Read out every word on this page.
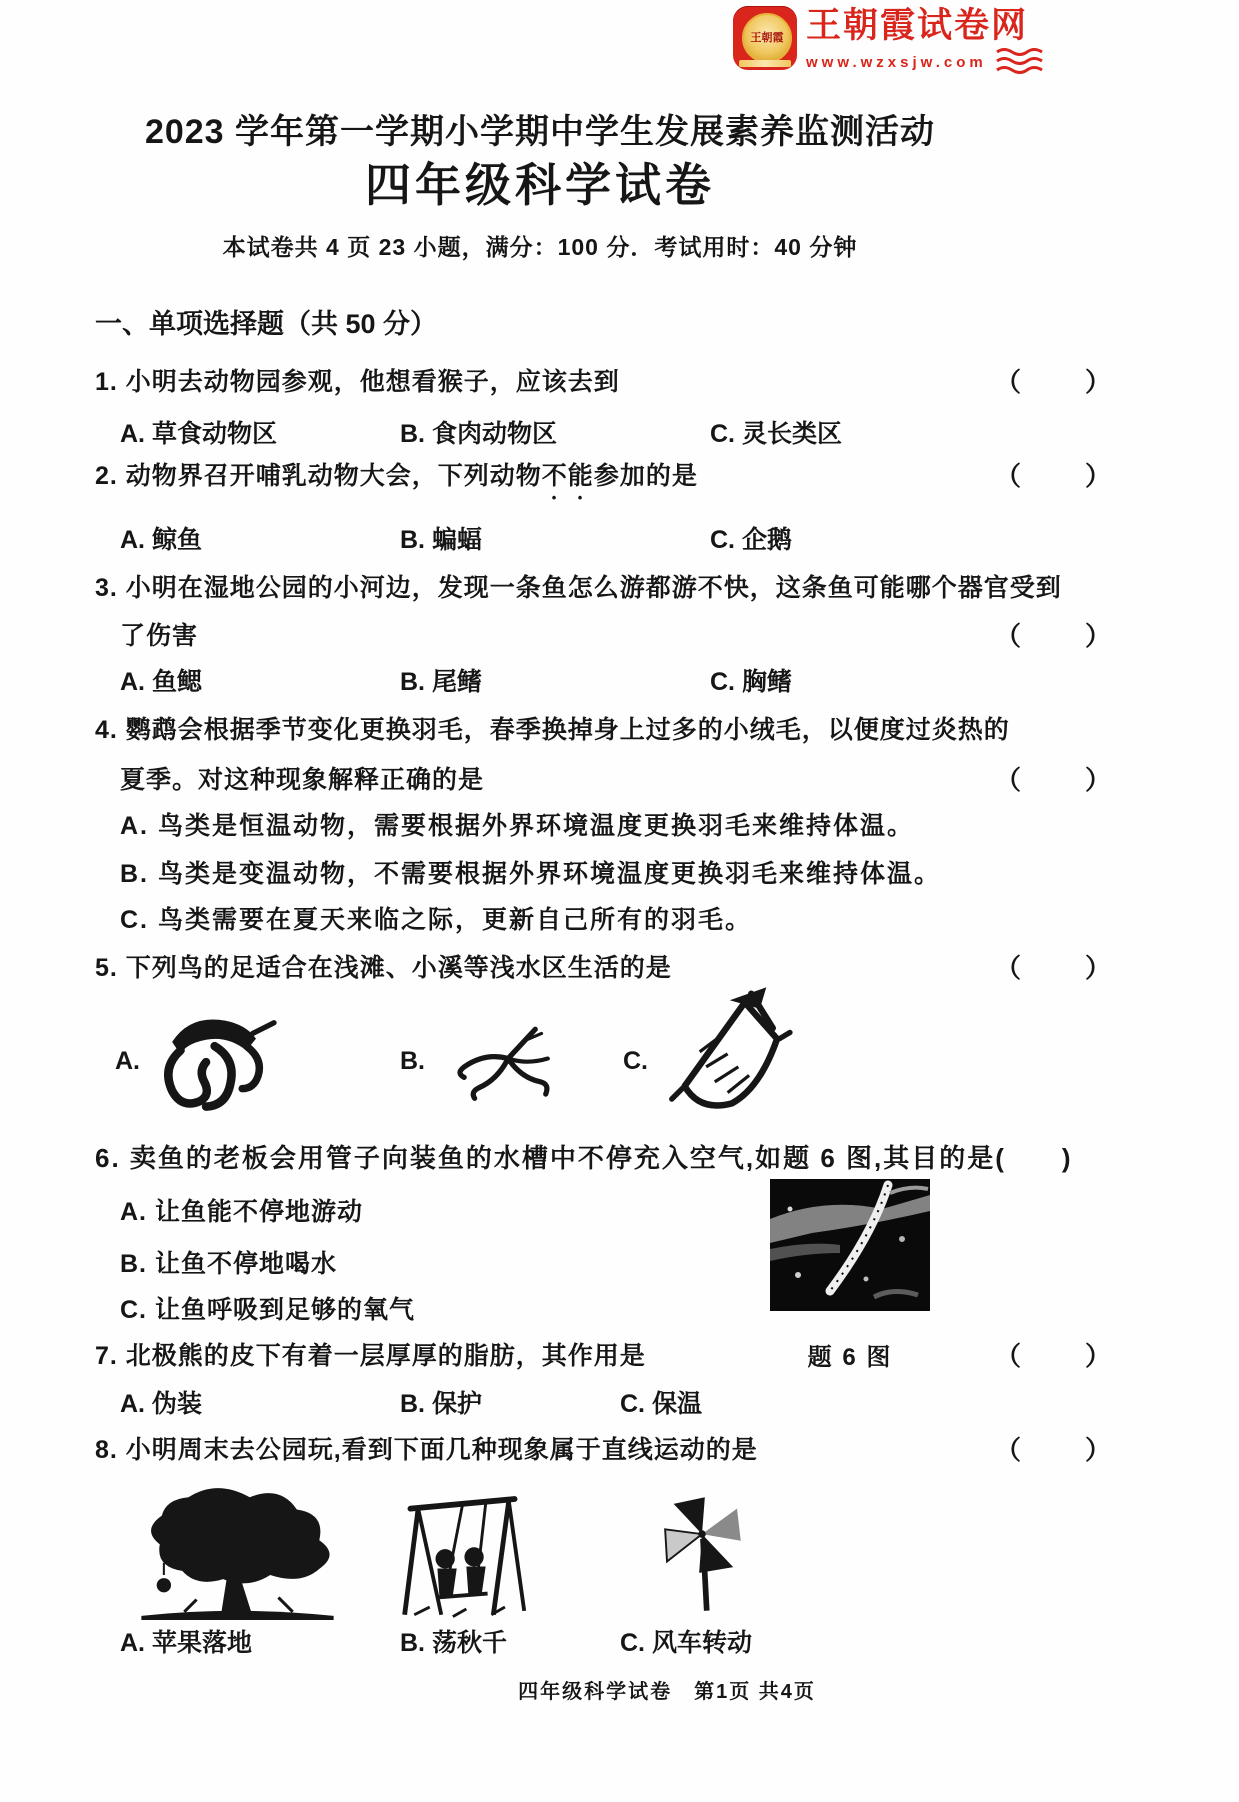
王朝霞 王朝霞试卷网
www.wzxsjw.com
2023 学年第一学期小学期中学生发展素养监测活动
四年级科学试卷
本试卷共 4 页 23 小题，满分：100 分．考试用时：40 分钟
一、单项选择题（共 50 分）
1. 小明去动物园参观，他想看猴子，应该去到	（　　）
A. 草食动物区	B. 食肉动物区	C. 灵长类区
2. 动物界召开哺乳动物大会，下列动物不能参加的是	（　　）
A. 鲸鱼	B. 蝙蝠	C. 企鹅
3. 小明在湿地公园的小河边，发现一条鱼怎么游都游不快，这条鱼可能哪个器官受到
了伤害	（　　）
A. 鱼鳃	B. 尾鳍	C. 胸鳍
4. 鹦鹉会根据季节变化更换羽毛，春季换掉身上过多的小绒毛，以便度过炎热的
夏季。对这种现象解释正确的是	（　　）
A. 鸟类是恒温动物，需要根据外界环境温度更换羽毛来维持体温。
B. 鸟类是变温动物，不需要根据外界环境温度更换羽毛来维持体温。
C. 鸟类需要在夏天来临之际，更新自己所有的羽毛。
5. 下列鸟的足适合在浅滩、小溪等浅水区生活的是	（　　）
A.	B.	C.
6. 卖鱼的老板会用管子向装鱼的水槽中不停充入空气,如题 6 图,其目的是(　　)
A. 让鱼能不停地游动
B. 让鱼不停地喝水
C. 让鱼呼吸到足够的氧气
题 6 图
7. 北极熊的皮下有着一层厚厚的脂肪，其作用是	（　　）
A. 伪装	B. 保护	C. 保温
8. 小明周末去公园玩,看到下面几种现象属于直线运动的是	（　　）
A. 苹果落地	B. 荡秋千	C. 风车转动
四年级科学试卷　第1页 共4页
